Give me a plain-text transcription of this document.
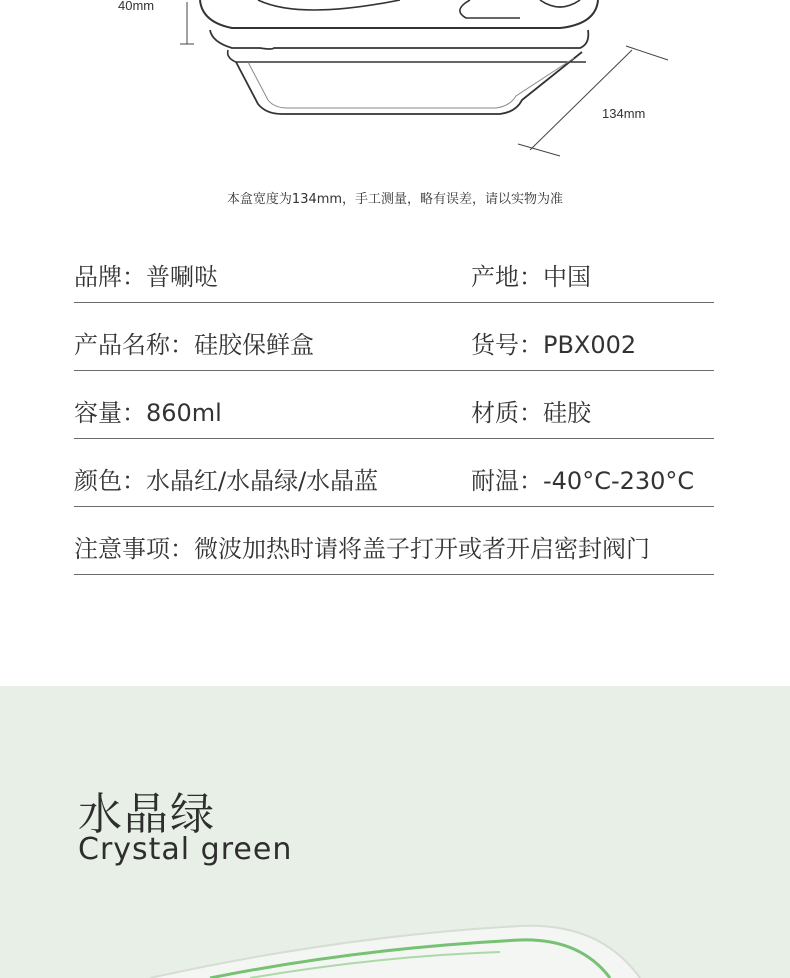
40mm
134mm
本盒宽度为134mm，手工测量，略有误差，请以实物为准
品牌：普唰哒	产地：中国
产品名称：硅胶保鲜盒	货号：PBX002
容量：860ml	材质：硅胶
颜色：水晶红/水晶绿/水晶蓝	耐温：-40°C-230°C
注意事项：微波加热时请将盖子打开或者开启密封阀门
水晶绿
Crystal green
